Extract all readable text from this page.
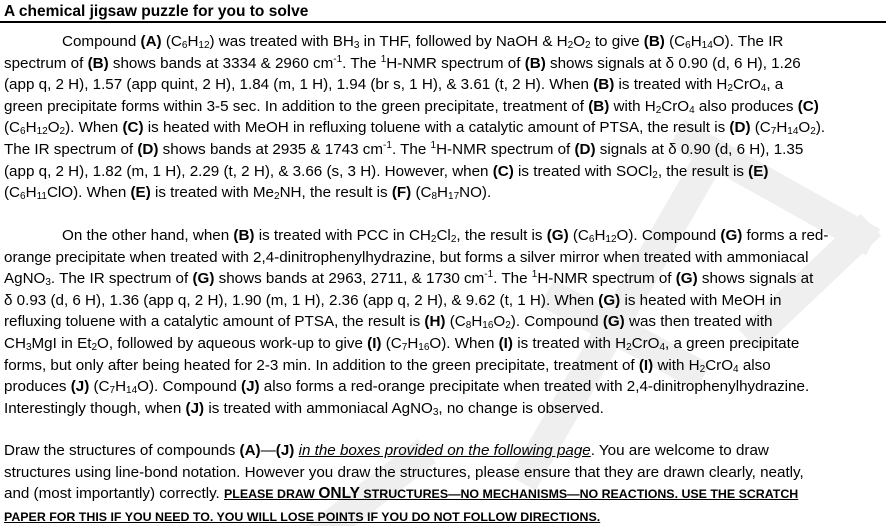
A chemical jigsaw puzzle for you to solve
Compound (A) $(C_6H_{12})$ was treated with $BH_3$ in THF, followed by NaOH & $H_2O_2$ to give (B) $(C_6H_{14}O)$. The IR
spectrum of (B) shows bands at 3334 & 2960 $cm^{-1}$. The $^1$H-NMR spectrum of (B) shows signals at δ 0.90 (d, 6 H), 1.26
(app q, 2 H), 1.57 (app quint, 2 H), 1.84 (m, 1 H), 1.94 (br s, 1 H), & 3.61 (t, 2 H). When (B) is treated with $H_2CrO_4$, a
green precipitate forms within 3-5 sec. In addition to the green precipitate, treatment of (B) with $H_2CrO_4$ also produces (C)
$(C_6H_{12}O_2)$. When (C) is heated with MeOH in refluxing toluene with a catalytic amount of PTSA, the result is (D) $(C_7H_{14}O_2)$.
The IR spectrum of (D) shows bands at 2935 & 1743 $cm^{-1}$. The $^1$H-NMR spectrum of (D) signals at δ 0.90 (d, 6 H), 1.35
(app q, 2 H), 1.82 (m, 1 H), 2.29 (t, 2 H), & 3.66 (s, 3 H). However, when (C) is treated with SOCl$_2$, the result is (E)
$(C_6H_{11}ClO)$. When (E) is treated with $Me_2NH$, the result is (F) $(C_8H_{17}NO)$.
On the other hand, when (B) is treated with PCC in $CH_2Cl_2$, the result is (G) $(C_6H_{12}O)$. Compound (G) forms a red-
orange precipitate when treated with 2,4-dinitrophenylhydrazine, but forms a silver mirror when treated with ammoniacal
AgNO$_3$. The IR spectrum of (G) shows bands at 2963, 2711, & 1730 $cm^{-1}$. The $^1$H-NMR spectrum of (G) shows signals at
δ 0.93 (d, 6 H), 1.36 (app q, 2 H), 1.90 (m, 1 H), 2.36 (app q, 2 H), & 9.62 (t, 1 H). When (G) is heated with MeOH in
refluxing toluene with a catalytic amount of PTSA, the result is (H) $(C_8H_{16}O_2)$. Compound (G) was then treated with
$CH_3MgI$ in $Et_2O$, followed by aqueous work-up to give (I) $(C_7H_{16}O)$. When (I) is treated with $H_2CrO_4$, a green precipitate
forms, but only after being heated for 2-3 min. In addition to the green precipitate, treatment of (I) with $H_2CrO_4$ also
produces (J) $(C_7H_{14}O)$. Compound (J) also forms a red-orange precipitate when treated with 2,4-dinitrophenylhydrazine.
Interestingly though, when (J) is treated with ammoniacal AgNO$_3$, no change is observed.
Draw the structures of compounds (A)—(J) in the boxes provided on the following page. You are welcome to draw
structures using line-bond notation. However you draw the structures, please ensure that they are drawn clearly, neatly,
and (most importantly) correctly. PLEASE DRAW ONLY STRUCTURES—NO MECHANISMS—NO REACTIONS. USE THE SCRATCH
PAPER FOR THIS IF YOU NEED TO. YOU WILL LOSE POINTS IF YOU DO NOT FOLLOW DIRECTIONS.
